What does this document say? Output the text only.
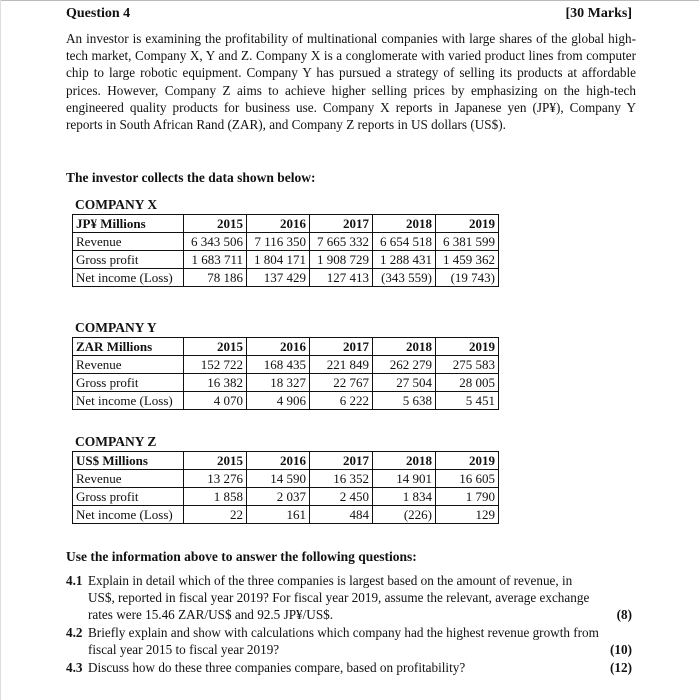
Question 4	[30 Marks]
An investor is examining the profitability of multinational companies with large shares of the global high-tech market, Company X, Y and Z. Company X is a conglomerate with varied product lines from computer chip to large robotic equipment. Company Y has pursued a strategy of selling its products at affordable prices. However, Company Z aims to achieve higher selling prices by emphasizing on the high-tech engineered quality products for business use. Company X reports in Japanese yen (JP¥), Company Y reports in South African Rand (ZAR), and Company Z reports in US dollars (US$).
The investor collects the data shown below:
COMPANY X
JP¥ Millions	2015	2016	2017	2018	2019
Revenue	6 343 506	7 116 350	7 665 332	6 654 518	6 381 599
Gross profit	1 683 711	1 804 171	1 908 729	1 288 431	1 459 362
Net income (Loss)	78 186	137 429	127 413	(343 559)	(19 743)
COMPANY Y
ZAR Millions	2015	2016	2017	2018	2019
Revenue	152 722	168 435	221 849	262 279	275 583
Gross profit	16 382	18 327	22 767	27 504	28 005
Net income (Loss)	4 070	4 906	6 222	5 638	5 451
COMPANY Z
US$ Millions	2015	2016	2017	2018	2019
Revenue	13 276	14 590	16 352	14 901	16 605
Gross profit	1 858	2 037	2 450	1 834	1 790
Net income (Loss)	22	161	484	(226)	129
Use the information above to answer the following questions:
4.1 Explain in detail which of the three companies is largest based on the amount of revenue, in US$, reported in fiscal year 2019? For fiscal year 2019, assume the relevant, average exchange rates were 15.46 ZAR/US$ and 92.5 JP¥/US$.	(8)
4.2 Briefly explain and show with calculations which company had the highest revenue growth from fiscal year 2015 to fiscal year 2019?	(10)
4.3 Discuss how do these three companies compare, based on profitability?	(12)
